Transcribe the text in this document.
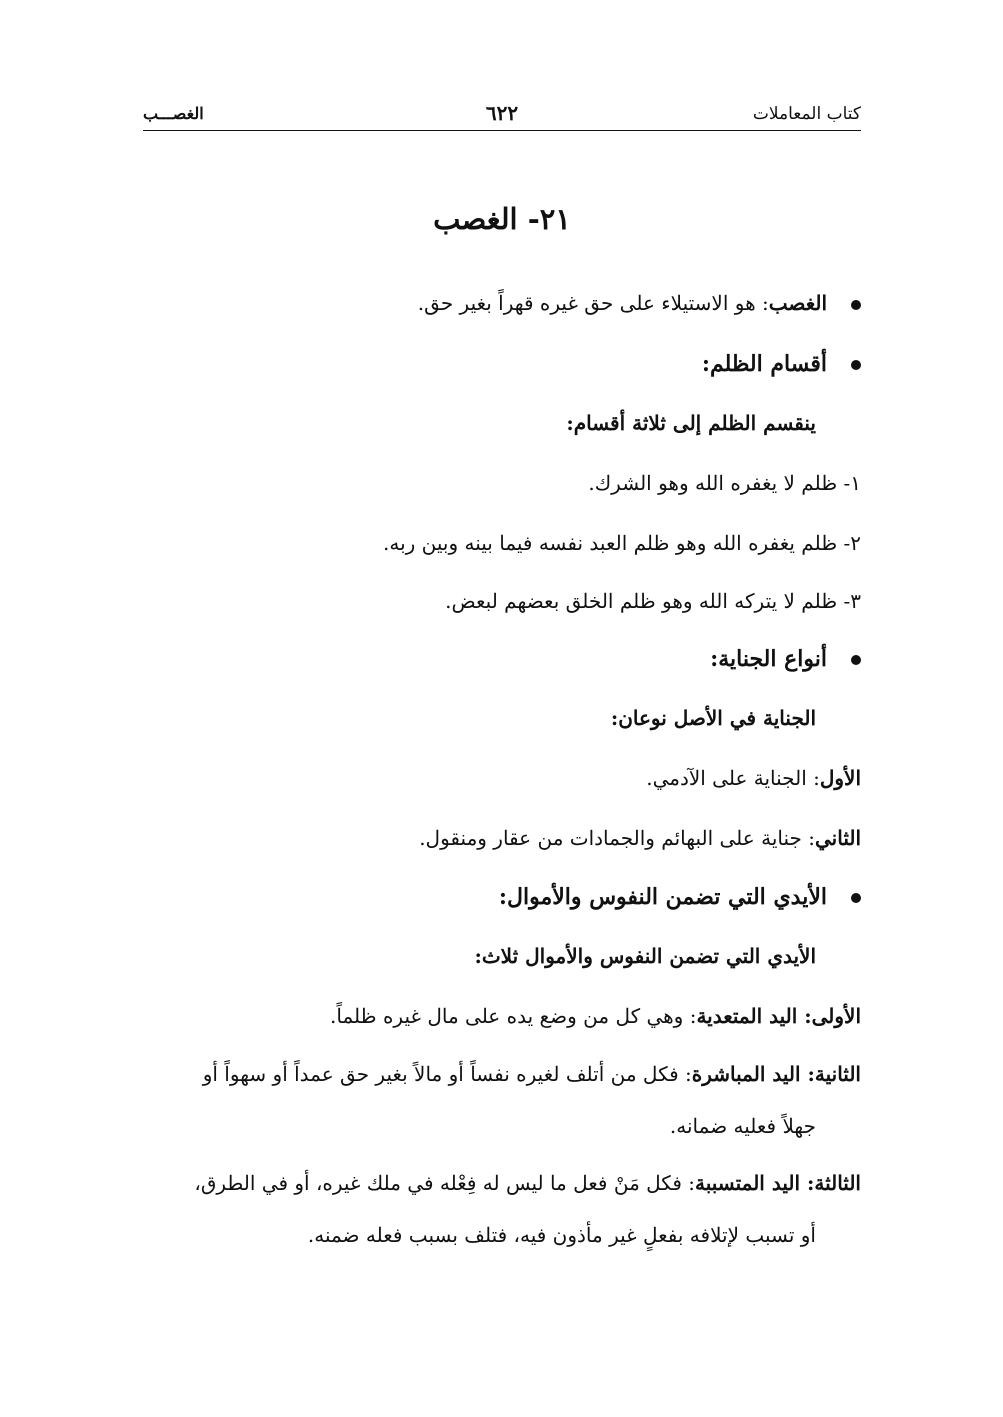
كتاب المعاملات
٦٢٢
الغصـــب
٢١- الغصب
الغصب: هو الاستيلاء على حق غيره قهراً بغير حق.
أقسام الظلم:
ينقسم الظلم إلى ثلاثة أقسام:
١- ظلم لا يغفره الله وهو الشرك.
٢- ظلم يغفره الله وهو ظلم العبد نفسه فيما بينه وبين ربه.
٣- ظلم لا يتركه الله وهو ظلم الخلق بعضهم لبعض.
أنواع الجناية:
الجناية في الأصل نوعان:
الأول: الجناية على الآدمي.
الثاني: جناية على البهائم والجمادات من عقار ومنقول.
الأيدي التي تضمن النفوس والأموال:
الأيدي التي تضمن النفوس والأموال ثلاث:
الأولى: اليد المتعدية: وهي كل من وضع يده على مال غيره ظلماً.
الثانية: اليد المباشرة: فكل من أتلف لغيره نفساً أو مالاً بغير حق عمداً أو سهواً أو
جهلاً فعليه ضمانه.
الثالثة: اليد المتسببة: فكل مَنْ فعل ما ليس له فِعْله في ملك غيره، أو في الطرق،
أو تسبب لإتلافه بفعلٍ غير مأذون فيه، فتلف بسبب فعله ضمنه.
